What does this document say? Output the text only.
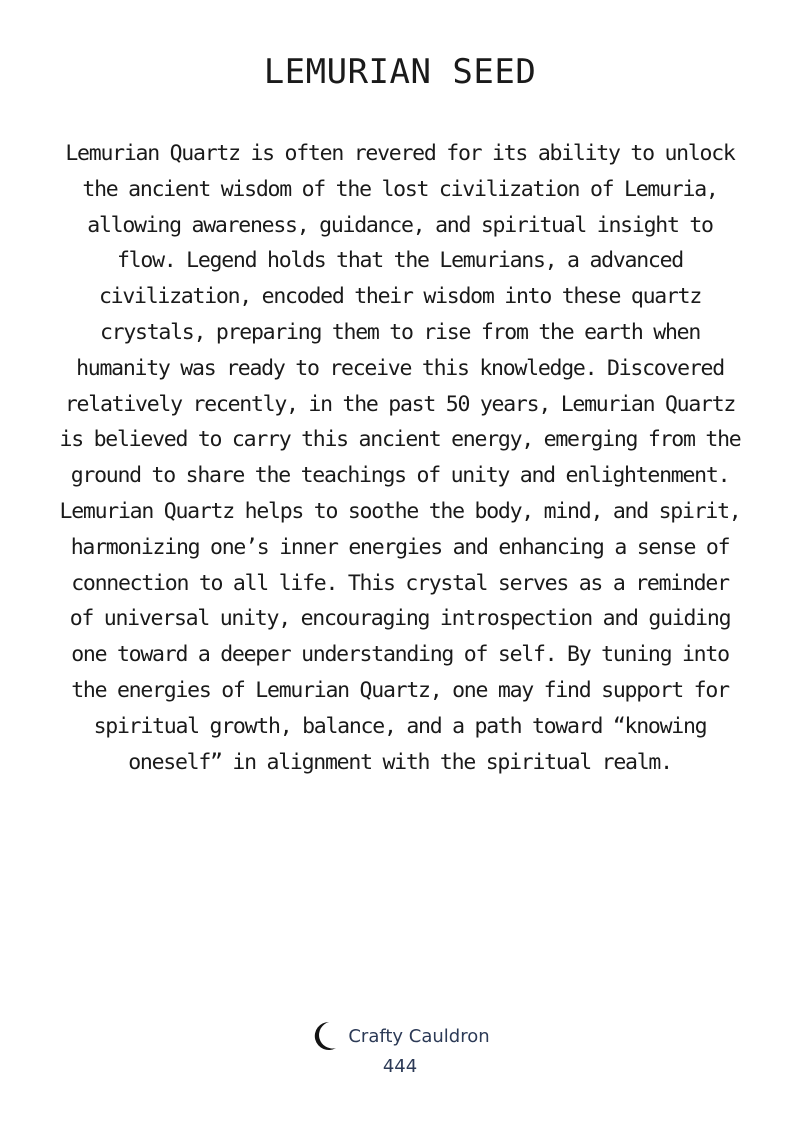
LEMURIAN SEED

Lemurian Quartz is often revered for its ability to unlock the ancient wisdom of the lost civilization of Lemuria, allowing awareness, guidance, and spiritual insight to flow. Legend holds that the Lemurians, a advanced civilization, encoded their wisdom into these quartz crystals, preparing them to rise from the earth when humanity was ready to receive this knowledge. Discovered relatively recently, in the past 50 years, Lemurian Quartz is believed to carry this ancient energy, emerging from the ground to share the teachings of unity and enlightenment.

Lemurian Quartz helps to soothe the body, mind, and spirit, harmonizing one’s inner energies and enhancing a sense of connection to all life. This crystal serves as a reminder of universal unity, encouraging introspection and guiding one toward a deeper understanding of self. By tuning into the energies of Lemurian Quartz, one may find support for spiritual growth, balance, and a path toward “knowing oneself” in alignment with the spiritual realm.

Crafty Cauldron
444
